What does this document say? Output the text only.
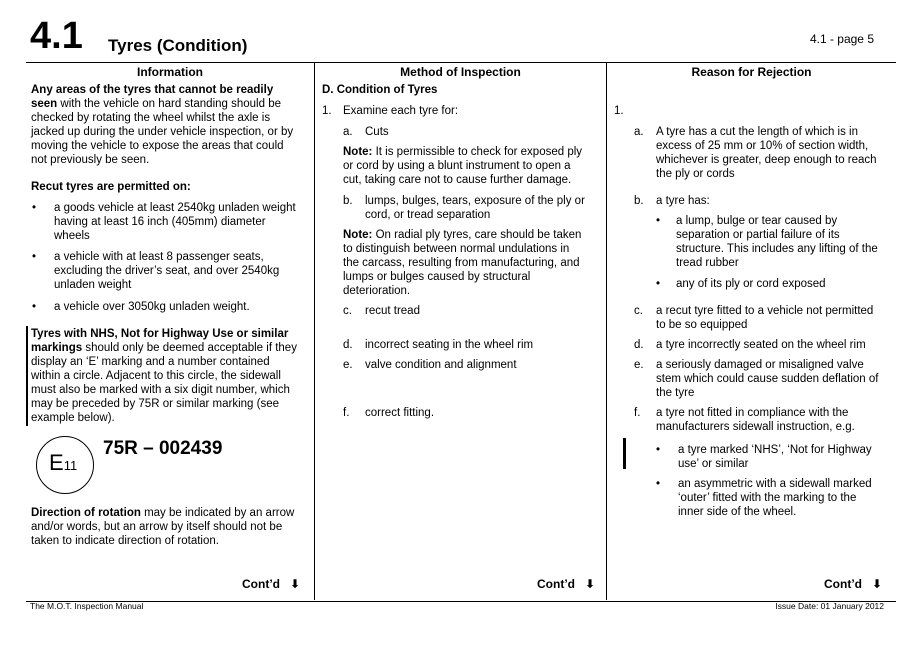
4.1 Tyres (Condition)	4.1 - page 5
Information	Method of Inspection	Reason for Rejection
Any areas of the tyres that cannot be readily
seen with the vehicle on hard standing should be
checked by rotating the wheel whilst the axle is
jacked up during the under vehicle inspection, or by
moving the vehicle to expose the areas that could
not previously be seen.
Recut tyres are permitted on:
• a goods vehicle at least 2540kg unladen weight
having at least 16 inch (405mm) diameter
wheels
• a vehicle with at least 8 passenger seats,
excluding the driver’s seat, and over 2540kg
unladen weight
• a vehicle over 3050kg unladen weight.
Tyres with NHS, Not for Highway Use or similar
markings should only be deemed acceptable if they
display an ‘E’ marking and a number contained
within a circle. Adjacent to this circle, the sidewall
must also be marked with a six digit number, which
may be preceded by 75R or similar marking (see
example below).
E11
75R – 002439
Direction of rotation may be indicated by an arrow
and/or words, but an arrow by itself should not be
taken to indicate direction of rotation.
Cont’d ⬇
D. Condition of Tyres
1. Examine each tyre for:
a. Cuts
Note: It is permissible to check for exposed ply
or cord by using a blunt instrument to open a
cut, taking care not to cause further damage.
b. lumps, bulges, tears, exposure of the ply or
cord, or tread separation
Note: On radial ply tyres, care should be taken
to distinguish between normal undulations in
the carcass, resulting from manufacturing, and
lumps or bulges caused by structural
deterioration.
c. recut tread
d. incorrect seating in the wheel rim
e. valve condition and alignment
f. correct fitting.
Cont’d ⬇
1.
a. A tyre has a cut the length of which is in
excess of 25 mm or 10% of section width,
whichever is greater, deep enough to reach
the ply or cords
b. a tyre has:
• a lump, bulge or tear caused by
separation or partial failure of its
structure. This includes any lifting of the
tread rubber
• any of its ply or cord exposed
c. a recut tyre fitted to a vehicle not permitted
to be so equipped
d. a tyre incorrectly seated on the wheel rim
e. a seriously damaged or misaligned valve
stem which could cause sudden deflation of
the tyre
f. a tyre not fitted in compliance with the
manufacturers sidewall instruction, e.g.
• a tyre marked ‘NHS’, ‘Not for Highway
use’ or similar
• an asymmetric with a sidewall marked
‘outer’ fitted with the marking to the
inner side of the wheel.
Cont’d ⬇
The M.O.T. Inspection Manual	Issue Date: 01 January 2012
